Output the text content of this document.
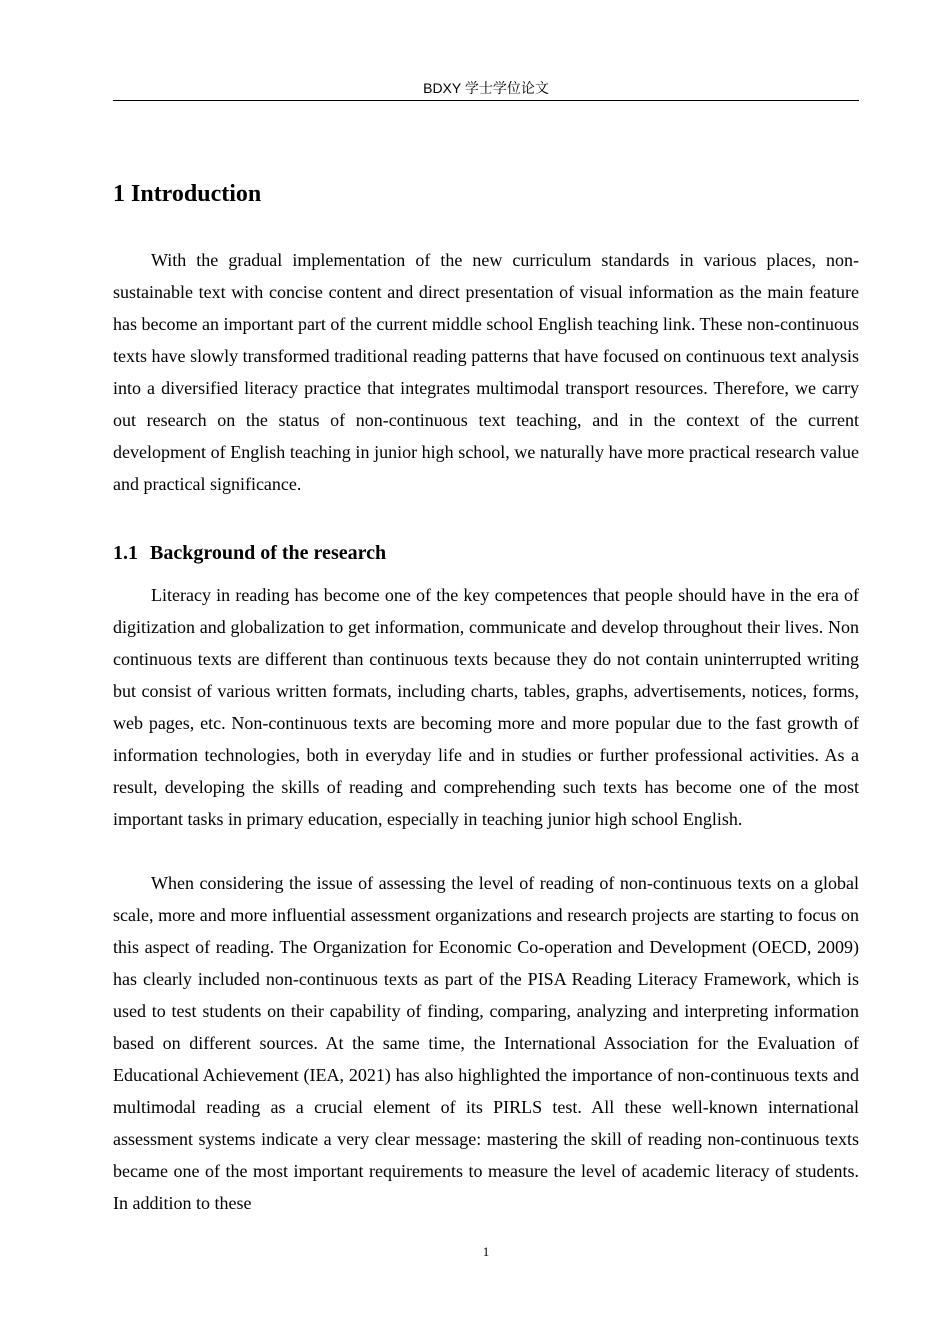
BDXY 学士学位论文
1 Introduction

With the gradual implementation of the new curriculum standards in various places, non-sustainable text with concise content and direct presentation of visual information as the main feature has become an important part of the current middle school English teaching link. These non-continuous texts have slowly transformed traditional reading patterns that have focused on continuous text analysis into a diversified literacy practice that integrates multimodal transport resources. Therefore, we carry out research on the status of non-continuous text teaching, and in the context of the current development of English teaching in junior high school, we naturally have more practical research value and practical significance.

1.1 Background of the research

Literacy in reading has become one of the key competences that people should have in the era of digitization and globalization to get information, communicate and develop throughout their lives. Non continuous texts are different than continuous texts because they do not contain uninterrupted writing but consist of various written formats, including charts, tables, graphs, advertisements, notices, forms, web pages, etc. Non-continuous texts are becoming more and more popular due to the fast growth of information technologies, both in everyday life and in studies or further professional activities. As a result, developing the skills of reading and comprehending such texts has become one of the most important tasks in primary education, especially in teaching junior high school English.

When considering the issue of assessing the level of reading of non-continuous texts on a global scale, more and more influential assessment organizations and research projects are starting to focus on this aspect of reading. The Organization for Economic Co-operation and Development (OECD, 2009) has clearly included non-continuous texts as part of the PISA Reading Literacy Framework, which is used to test students on their capability of finding, comparing, analyzing and interpreting information based on different sources. At the same time, the International Association for the Evaluation of Educational Achievement (IEA, 2021) has also highlighted the importance of non-continuous texts and multimodal reading as a crucial element of its PIRLS test. All these well-known international assessment systems indicate a very clear message: mastering the skill of reading non-continuous texts became one of the most important requirements to measure the level of academic literacy of students. In addition to these

1
